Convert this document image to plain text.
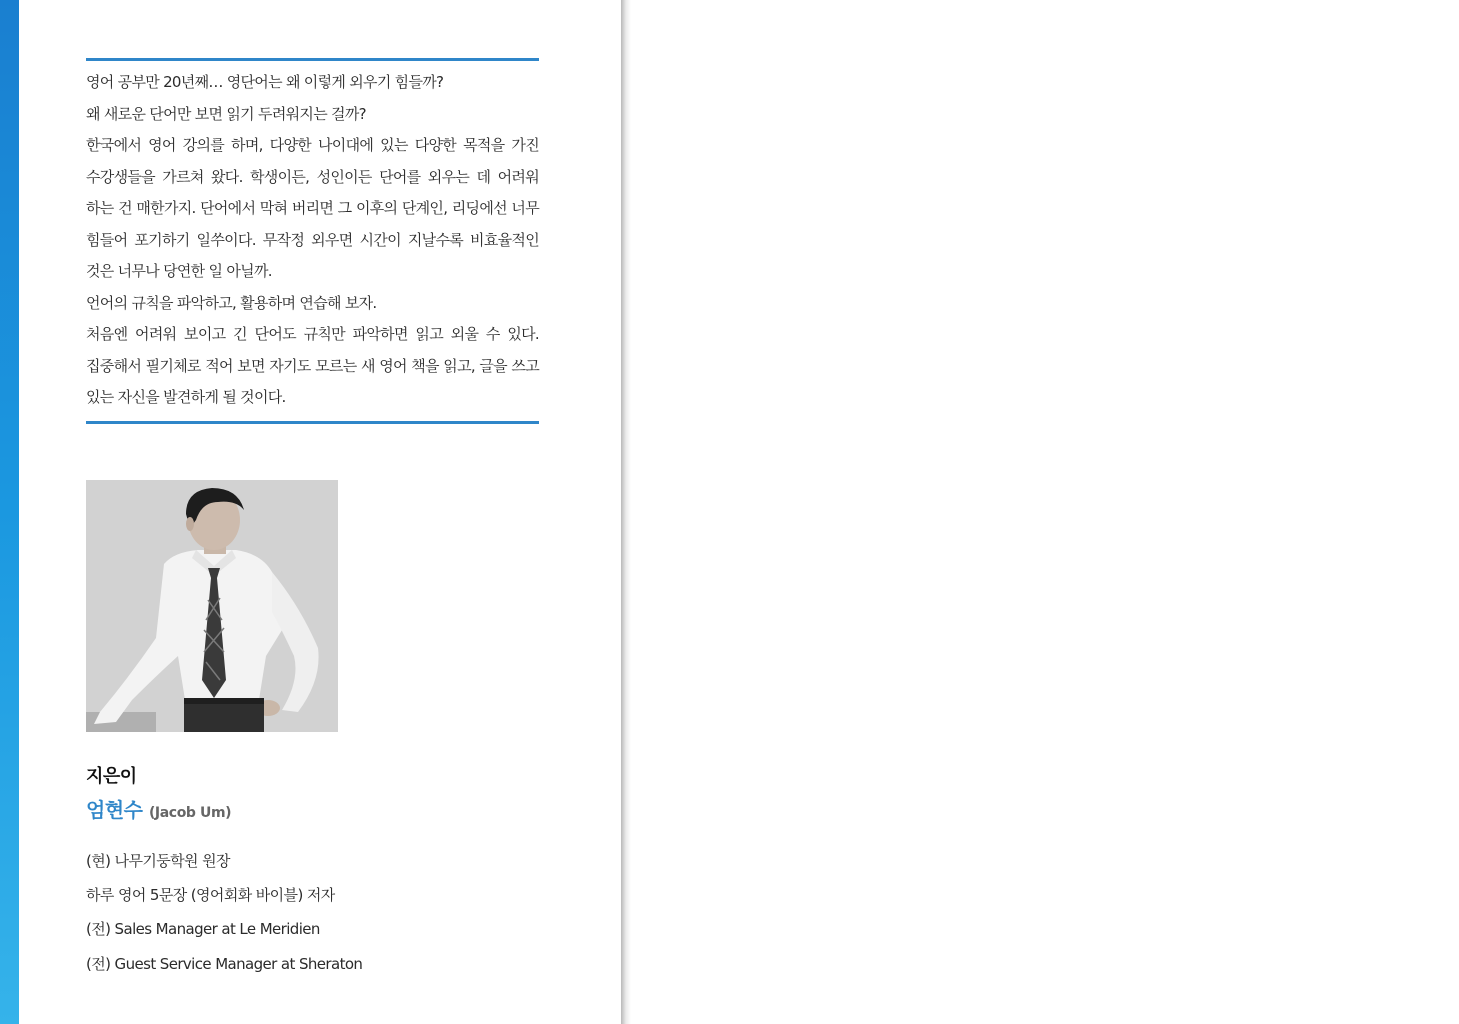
영어 공부만 20년째… 영단어는 왜 이렇게 외우기 힘들까?

왜 새로운 단어만 보면 읽기 두려워지는 걸까?

한국에서 영어 강의를 하며, 다양한 나이대에 있는 다양한 목적을 가진 수강생들을 가르쳐 왔다. 학생이든, 성인이든 단어를 외우는 데 어려워 하는 건 매한가지. 단어에서 막혀 버리면 그 이후의 단계인, 리딩에선 너무 힘들어 포기하기 일쑤이다. 무작정 외우면 시간이 지날수록 비효율적인 것은 너무나 당연한 일 아닐까.

언어의 규칙을 파악하고, 활용하며 연습해 보자.

처음엔 어려워 보이고 긴 단어도 규칙만 파악하면 읽고 외울 수 있다. 집중해서 필기체로 적어 보면 자기도 모르는 새 영어 책을 읽고, 글을 쓰고 있는 자신을 발견하게 될 것이다.

지은이
엄현수 (Jacob Um)
(현) 나무기둥학원 원장
하루 영어 5문장 (영어회화 바이블) 저자
(전) Sales Manager at Le Meridien
(전) Guest Service Manager at Sheraton
